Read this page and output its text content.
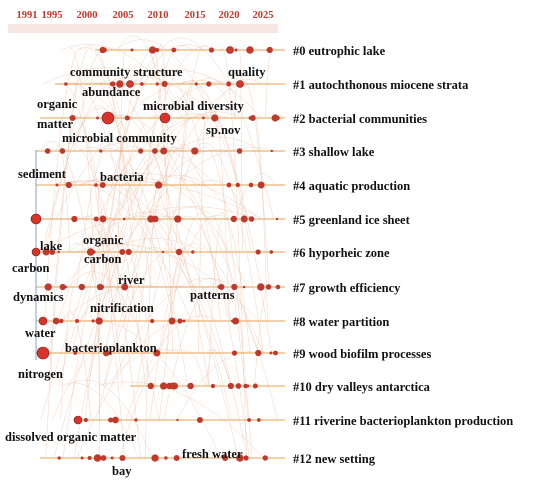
1991 1995 2000 2005 2010 2015 2020 2025
#0 eutrophic lake
#1 autochthonous miocene strata
#2 bacterial communities
#3 shallow lake
#4 aquatic production
#5 greenland ice sheet
#6 hyporheic zone
#7 growth efficiency
#8 water partition
#9 wood biofilm processes
#10 dry valleys antarctica
#11 riverine bacterioplankton production
#12 new setting
community structure	quality
abundance
organic
matter
microbial diversity
sp.nov
microbial community
sediment	bacteria
lake organic
carbon
carbon
river
dynamics	patterns
nitrification
water
bacterioplankton
nitrogen
dissolved organic matter
fresh water
bay
